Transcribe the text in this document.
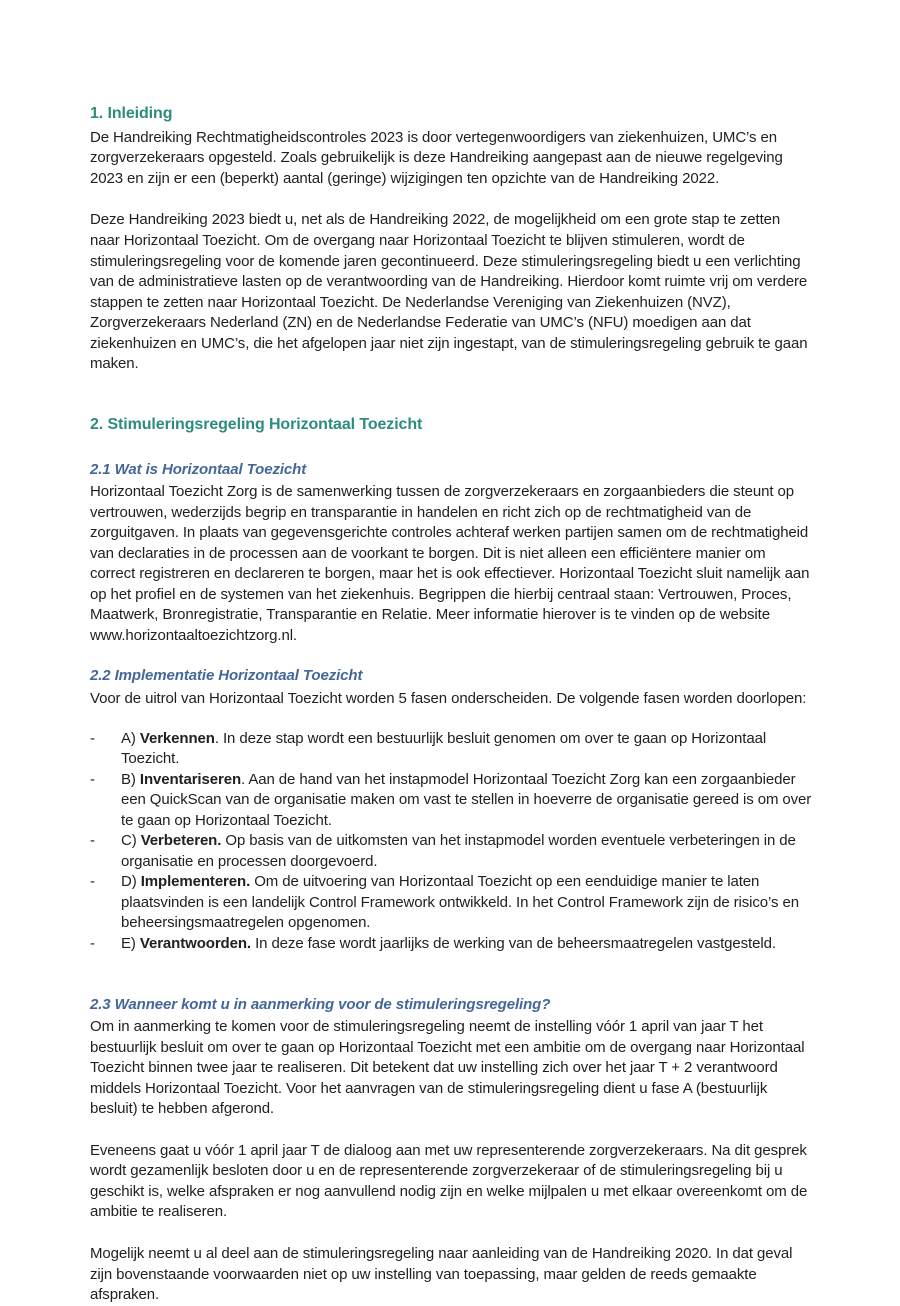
1. Inleiding

De Handreiking Rechtmatigheidscontroles 2023 is door vertegenwoordigers van ziekenhuizen, UMC’s en zorgverzekeraars opgesteld. Zoals gebruikelijk is deze Handreiking aangepast aan de nieuwe regelgeving 2023 en zijn er een (beperkt) aantal (geringe) wijzigingen ten opzichte van de Handreiking 2022.

Deze Handreiking 2023 biedt u, net als de Handreiking 2022, de mogelijkheid om een grote stap te zetten naar Horizontaal Toezicht. Om de overgang naar Horizontaal Toezicht te blijven stimuleren, wordt de stimuleringsregeling voor de komende jaren gecontinueerd. Deze stimuleringsregeling biedt u een verlichting van de administratieve lasten op de verantwoording van de Handreiking. Hierdoor komt ruimte vrij om verdere stappen te zetten naar Horizontaal Toezicht. De Nederlandse Vereniging van Ziekenhuizen (NVZ), Zorgverzekeraars Nederland (ZN) en de Nederlandse Federatie van UMC’s (NFU) moedigen aan dat ziekenhuizen en UMC’s, die het afgelopen jaar niet zijn ingestapt, van de stimuleringsregeling gebruik te gaan maken.

2. Stimuleringsregeling Horizontaal Toezicht
2.1 Wat is Horizontaal Toezicht

Horizontaal Toezicht Zorg is de samenwerking tussen de zorgverzekeraars en zorgaanbieders die steunt op vertrouwen, wederzijds begrip en transparantie in handelen en richt zich op de rechtmatigheid van de zorguitgaven. In plaats van gegevensgerichte controles achteraf werken partijen samen om de rechtmatigheid van declaraties in de processen aan de voorkant te borgen. Dit is niet alleen een efficiëntere manier om correct registreren en declareren te borgen, maar het is ook effectiever. Horizontaal Toezicht sluit namelijk aan op het profiel en de systemen van het ziekenhuis. Begrippen die hierbij centraal staan: Vertrouwen, Proces, Maatwerk, Bronregistratie, Transparantie en Relatie. Meer informatie hierover is te vinden op de website www.horizontaaltoezichtzorg.nl.

2.2 Implementatie Horizontaal Toezicht

Voor de uitrol van Horizontaal Toezicht worden 5 fasen onderscheiden. De volgende fasen worden doorlopen:

-	A) Verkennen. In deze stap wordt een bestuurlijk besluit genomen om over te gaan op Horizontaal Toezicht.
-	B) Inventariseren. Aan de hand van het instapmodel Horizontaal Toezicht Zorg kan een zorgaanbieder een QuickScan van de organisatie maken om vast te stellen in hoeverre de organisatie gereed is om over te gaan op Horizontaal Toezicht.
-	C) Verbeteren. Op basis van de uitkomsten van het instapmodel worden eventuele verbeteringen in de organisatie en processen doorgevoerd.
-	D) Implementeren. Om de uitvoering van Horizontaal Toezicht op een eenduidige manier te laten plaatsvinden is een landelijk Control Framework ontwikkeld. In het Control Framework zijn de risico’s en beheersingsmaatregelen opgenomen.
-	E) Verantwoorden. In deze fase wordt jaarlijks de werking van de beheersmaatregelen vastgesteld.
2.3 Wanneer komt u in aanmerking voor de stimuleringsregeling?

Om in aanmerking te komen voor de stimuleringsregeling neemt de instelling vóór 1 april van jaar T het bestuurlijk besluit om over te gaan op Horizontaal Toezicht met een ambitie om de overgang naar Horizontaal Toezicht binnen twee jaar te realiseren. Dit betekent dat uw instelling zich over het jaar T + 2 verantwoord middels Horizontaal Toezicht. Voor het aanvragen van de stimuleringsregeling dient u fase A (bestuurlijk besluit) te hebben afgerond.

Eveneens gaat u vóór 1 april jaar T de dialoog aan met uw representerende zorgverzekeraars. Na dit gesprek wordt gezamenlijk besloten door u en de representerende zorgverzekeraar of de stimuleringsregeling bij u geschikt is, welke afspraken er nog aanvullend nodig zijn en welke mijlpalen u met elkaar overeenkomt om de ambitie te realiseren.

Mogelijk neemt u al deel aan de stimuleringsregeling naar aanleiding van de Handreiking 2020. In dat geval zijn bovenstaande voorwaarden niet op uw instelling van toepassing, maar gelden de reeds gemaakte afspraken.
